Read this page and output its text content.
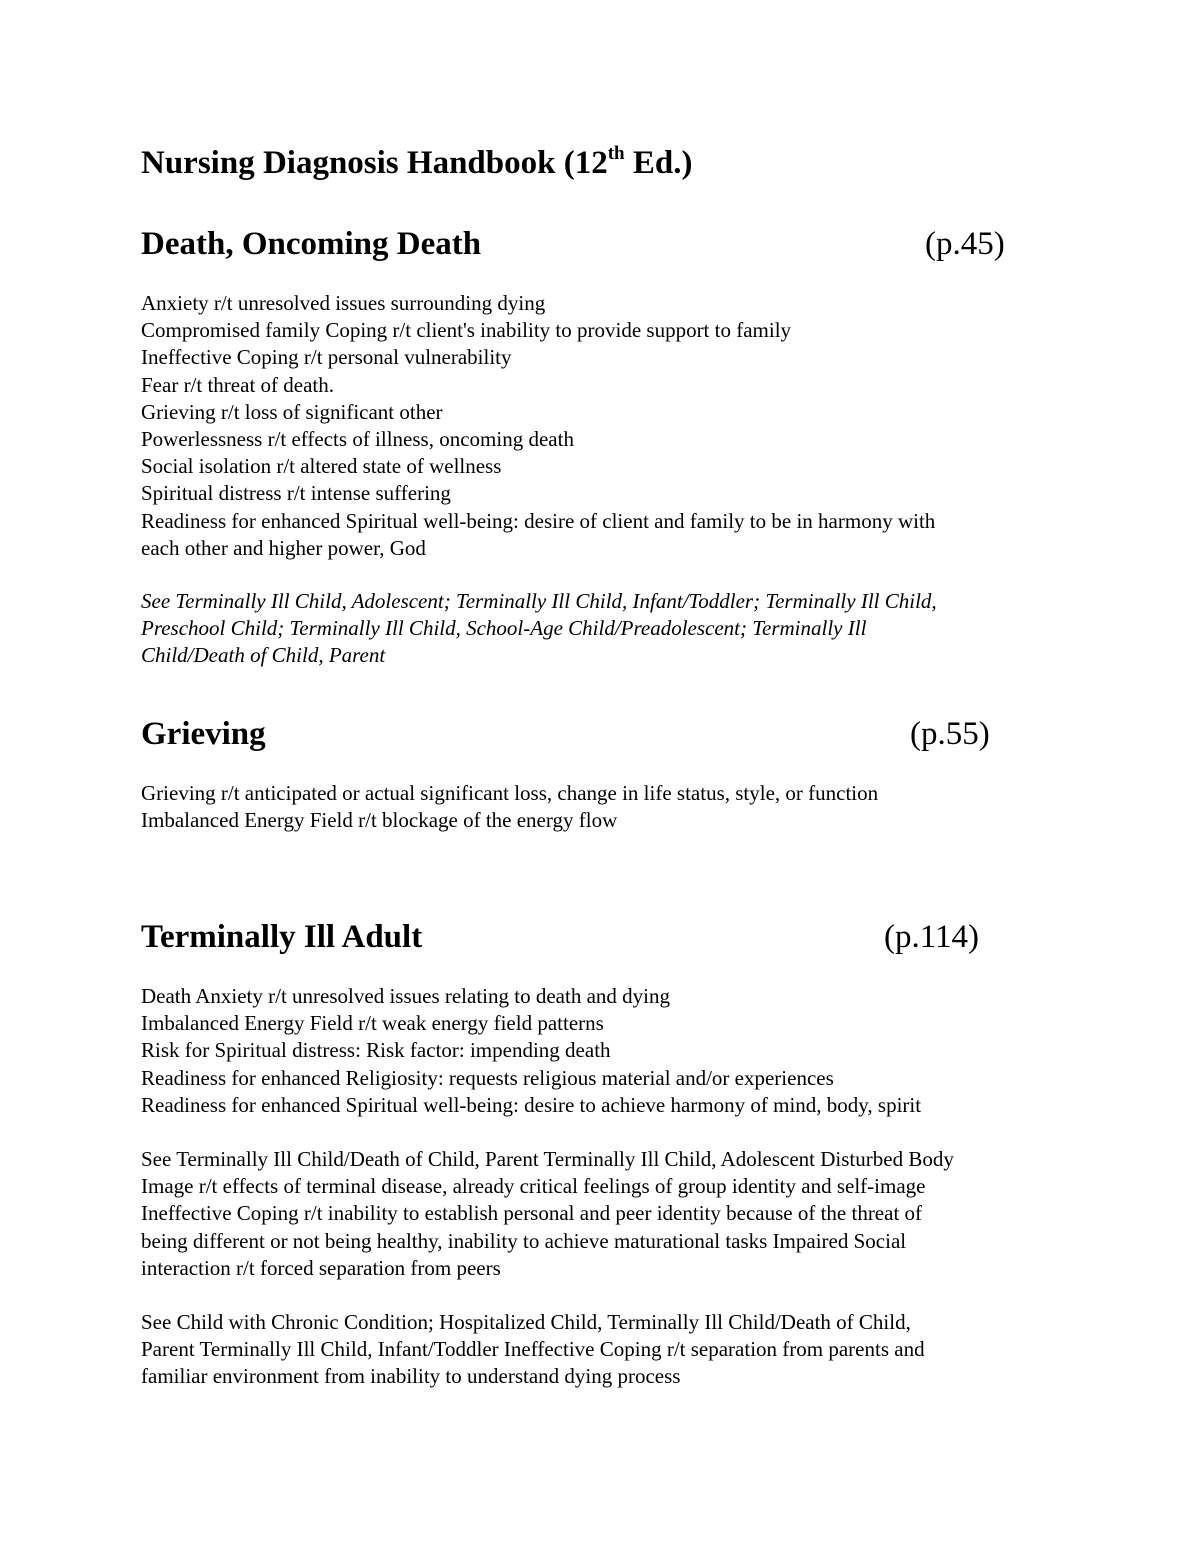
Nursing Diagnosis Handbook (12th Ed.)
Death, Oncoming Death	(p.45)
Anxiety r/t unresolved issues surrounding dying
Compromised family Coping r/t client's inability to provide support to family
Ineffective Coping r/t personal vulnerability
Fear r/t threat of death.
Grieving r/t loss of significant other
Powerlessness r/t effects of illness, oncoming death
Social isolation r/t altered state of wellness
Spiritual distress r/t intense suffering
Readiness for enhanced Spiritual well-being: desire of client and family to be in harmony with
each other and higher power, God
See Terminally Ill Child, Adolescent; Terminally Ill Child, Infant/Toddler; Terminally Ill Child,
Preschool Child; Terminally Ill Child, School-Age Child/Preadolescent; Terminally Ill
Child/Death of Child, Parent
Grieving	(p.55)
Grieving r/t anticipated or actual significant loss, change in life status, style, or function
Imbalanced Energy Field r/t blockage of the energy flow
Terminally Ill Adult	(p.114)
Death Anxiety r/t unresolved issues relating to death and dying
Imbalanced Energy Field r/t weak energy field patterns
Risk for Spiritual distress: Risk factor: impending death
Readiness for enhanced Religiosity: requests religious material and/or experiences
Readiness for enhanced Spiritual well-being: desire to achieve harmony of mind, body, spirit
See Terminally Ill Child/Death of Child, Parent Terminally Ill Child, Adolescent Disturbed Body
Image r/t effects of terminal disease, already critical feelings of group identity and self-image
Ineffective Coping r/t inability to establish personal and peer identity because of the threat of
being different or not being healthy, inability to achieve maturational tasks Impaired Social
interaction r/t forced separation from peers
See Child with Chronic Condition; Hospitalized Child, Terminally Ill Child/Death of Child,
Parent Terminally Ill Child, Infant/Toddler Ineffective Coping r/t separation from parents and
familiar environment from inability to understand dying process
